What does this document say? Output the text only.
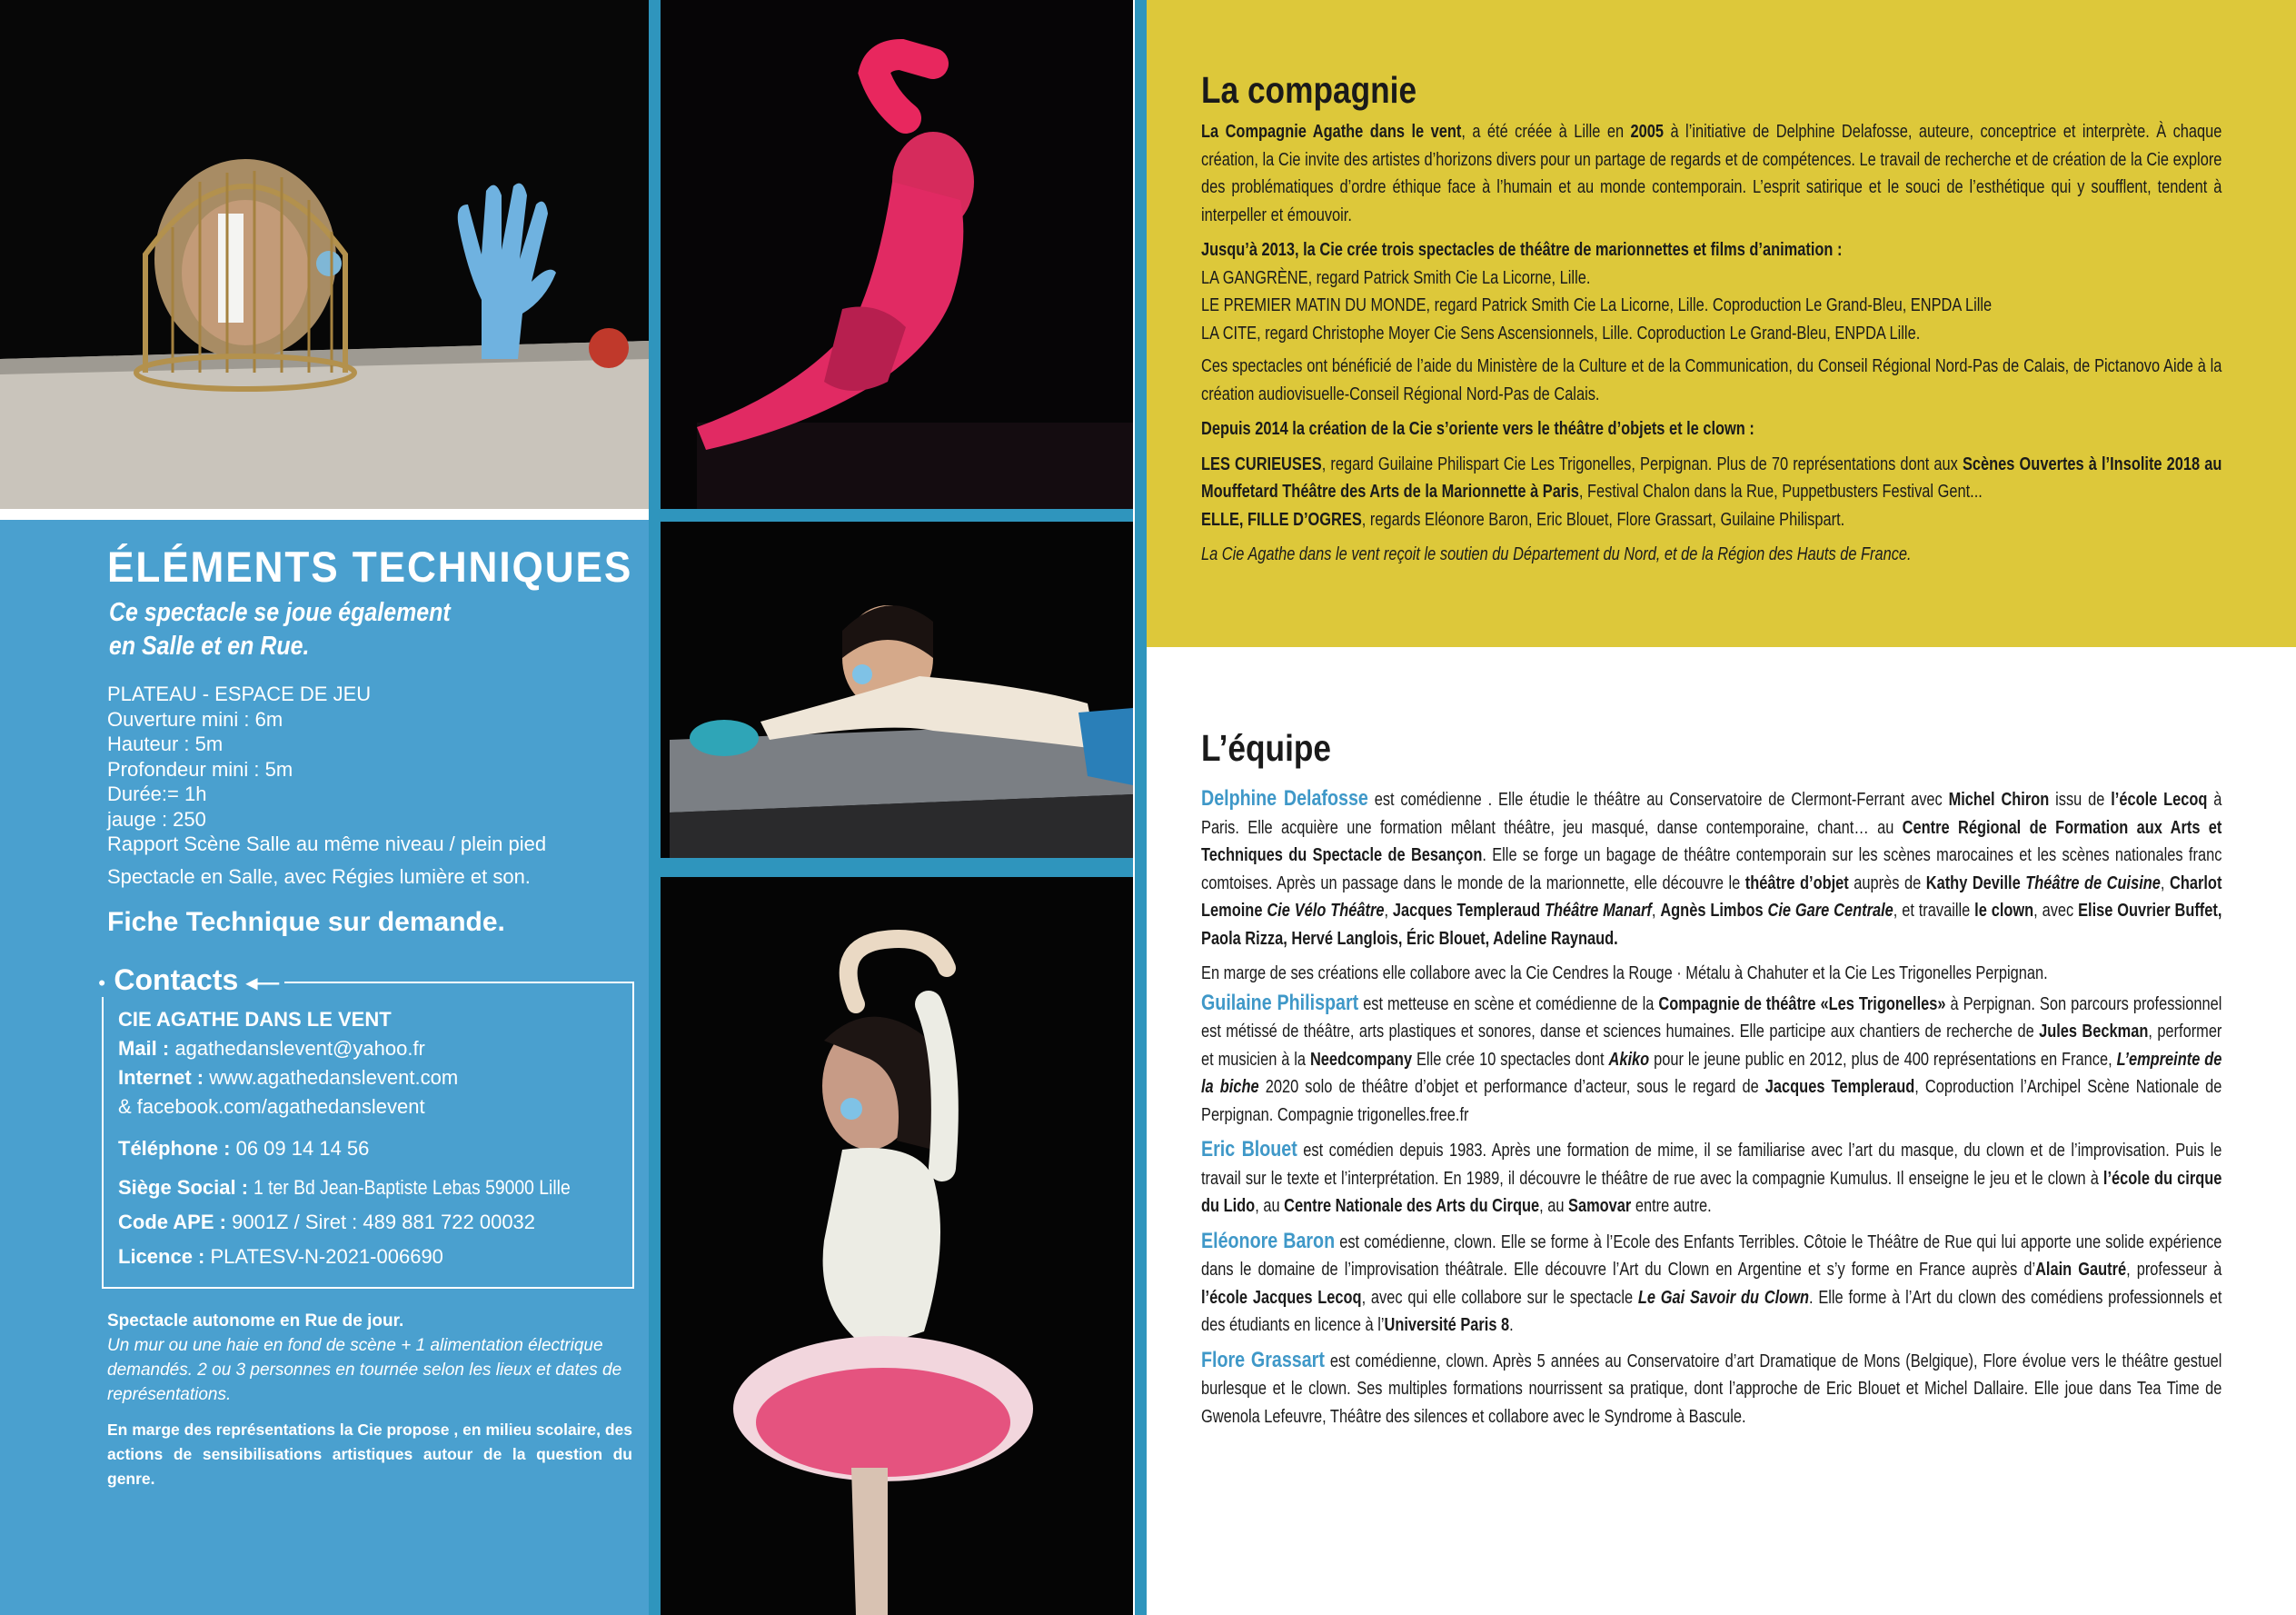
ÉLÉMENTS TECHNIQUES
Ce spectacle se joue également
en Salle et en Rue.
PLATEAU - ESPACE DE JEU
Ouverture mini : 6m
Hauteur : 5m
Profondeur mini : 5m
Durée:= 1h
jauge : 250
Rapport Scène Salle au même niveau / plein pied
Spectacle en Salle, avec Régies lumière et son.
Fiche Technique sur demande.
● Contacts ◂—
CIE AGATHE DANS LE VENT
Mail : agathedanslevent@yahoo.fr
Internet : www.agathedanslevent.com
& facebook.com/agathedanslevent
Téléphone : 06 09 14 14 56
Siège Social : 1 ter Bd Jean-Baptiste Lebas 59000 Lille
Code APE : 9001Z / Siret : 489 881 722 00032
Licence : PLATESV-N-2021-006690
Spectacle autonome en Rue de jour.
Un mur ou une haie en fond de scène + 1 alimentation électrique demandés. 2 ou 3 personnes en tournée selon les lieux et dates de représentations.
En marge des représentations la Cie propose , en milieu scolaire, des actions de sensibilisations artistiques autour de la question du genre.
La compagnie

La Compagnie Agathe dans le vent, a été créée à Lille en 2005 à l’initiative de Delphine Delafosse, auteure, conceptrice et interprète. À chaque création, la Cie invite des artistes d’horizons divers pour un partage de regards et de compétences. Le travail de recherche et de création de la Cie explore des problématiques d’ordre éthique face à l’humain et au monde contemporain. L’esprit satirique et le souci de l’esthétique qui y soufflent, tendent à interpeller et émouvoir.

Jusqu’à 2013, la Cie crée trois spectacles de théâtre de marionnettes et films d’animation :
LA GANGRÈNE, regard Patrick Smith Cie La Licorne, Lille.
LE PREMIER MATIN DU MONDE, regard Patrick Smith Cie La Licorne, Lille. Coproduction Le Grand-Bleu, ENPDA Lille
LA CITE, regard Christophe Moyer Cie Sens Ascensionnels, Lille. Coproduction Le Grand-Bleu, ENPDA Lille.

Ces spectacles ont bénéficié de l’aide du Ministère de la Culture et de la Communication, du Conseil Régional Nord-Pas de Calais, de Pictanovo Aide à la création audiovisuelle-Conseil Régional Nord-Pas de Calais.

Depuis 2014 la création de la Cie s’oriente vers le théâtre d’objets et le clown :

LES CURIEUSES, regard Guilaine Philispart Cie Les Trigonelles, Perpignan. Plus de 70 représentations dont aux Scènes Ouvertes à l’Insolite 2018 au Mouffetard Théâtre des Arts de la Marionnette à Paris, Festival Chalon dans la Rue, Puppetbusters Festival Gent...

ELLE, FILLE D’OGRES, regards Eléonore Baron, Eric Blouet, Flore Grassart, Guilaine Philispart.

La Cie Agathe dans le vent reçoit le soutien du Département du Nord, et de la Région des Hauts de France.

L’équipe

Delphine Delafosse est comédienne . Elle étudie le théâtre au Conservatoire de Clermont-Ferrant avec Michel Chiron issu de l’école Lecoq à Paris. Elle acquière une formation mêlant théâtre, jeu masqué, danse contemporaine, chant… au Centre Régional de Formation aux Arts et Techniques du Spectacle de Besançon. Elle se forge un bagage de théâtre contemporain sur les scènes marocaines et les scènes nationales franc comtoises. Après un passage dans le monde de la marionnette, elle découvre le théâtre d’objet auprès de Kathy Deville Théâtre de Cuisine, Charlot Lemoine Cie Vélo Théâtre, Jacques Templeraud Théâtre Manarf, Agnès Limbos Cie Gare Centrale, et travaille le clown, avec Elise Ouvrier Buffet, Paola Rizza, Hervé Langlois, Éric Blouet, Adeline Raynaud.

En marge de ses créations elle collabore avec la Cie Cendres la Rouge · Métalu à Chahuter et la Cie Les Trigonelles Perpignan.

Guilaine Philispart est metteuse en scène et comédienne de la Compagnie de théâtre «Les Trigonelles» à Perpignan. Son parcours professionnel est métissé de théâtre, arts plastiques et sonores, danse et sciences humaines. Elle participe aux chantiers de recherche de Jules Beckman, performer et musicien à la Needcompany Elle crée 10 spectacles dont Akiko pour le jeune public en 2012, plus de 400 représentations en France, L’empreinte de la biche 2020 solo de théâtre d’objet et performance d’acteur, sous le regard de Jacques Templeraud, Coproduction l’Archipel Scène Nationale de Perpignan. Compagnie trigonelles.free.fr

Eric Blouet est comédien depuis 1983. Après une formation de mime, il se familiarise avec l’art du masque, du clown et de l’improvisation. Puis le travail sur le texte et l’interprétation. En 1989, il découvre le théâtre de rue avec la compagnie Kumulus. Il enseigne le jeu et le clown à l’école du cirque du Lido, au Centre Nationale des Arts du Cirque, au Samovar entre autre.

Eléonore Baron est comédienne, clown. Elle se forme à l’Ecole des Enfants Terribles. Côtoie le Théâtre de Rue qui lui apporte une solide expérience dans le domaine de l’improvisation théâtrale. Elle découvre l’Art du Clown en Argentine et s’y forme en France auprès d’Alain Gautré, professeur à l’école Jacques Lecoq, avec qui elle collabore sur le spectacle Le Gai Savoir du Clown. Elle forme à l’Art du clown des comédiens professionnels et des étudiants en licence à l’Université Paris 8.

Flore Grassart est comédienne, clown. Après 5 années au Conservatoire d’art Dramatique de Mons (Belgique), Flore évolue vers le théâtre gestuel burlesque et le clown. Ses multiples formations nourrissent sa pratique, dont l’approche de Eric Blouet et Michel Dallaire. Elle joue dans Tea Time de Gwenola Lefeuvre, Théâtre des silences et collabore avec le Syndrome à Bascule.
